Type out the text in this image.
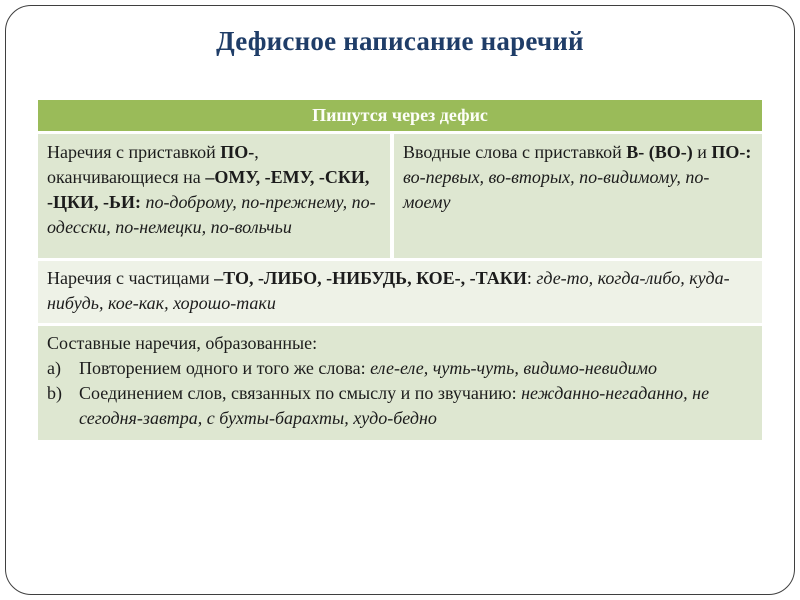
Дефисное написание наречий
Пишутся через дефис
Наречия с приставкой ПО-, оканчивающиеся на –ОМУ, -ЕМУ, -СКИ, -ЦКИ, -ЬИ: по-доброму, по-прежнему, по-одесски, по-немецки, по-вольчьи
Вводные слова с приставкой В- (ВО-) и ПО-: во-первых, во-вторых, по-видимому, по-моему
Наречия с частицами –ТО, -ЛИБО, -НИБУДЬ, КОЕ-, -ТАКИ: где-то, когда-либо, куда-нибудь, кое-как, хорошо-таки
Составные наречия, образованные:
a)	Повторением одного и того же слова: еле-еле, чуть-чуть, видимо-невидимо
b) Соединением слов, связанных по смыслу и по звучанию: нежданно-негаданно, не сегодня-завтра, с бухты-барахты, худо-бедно
